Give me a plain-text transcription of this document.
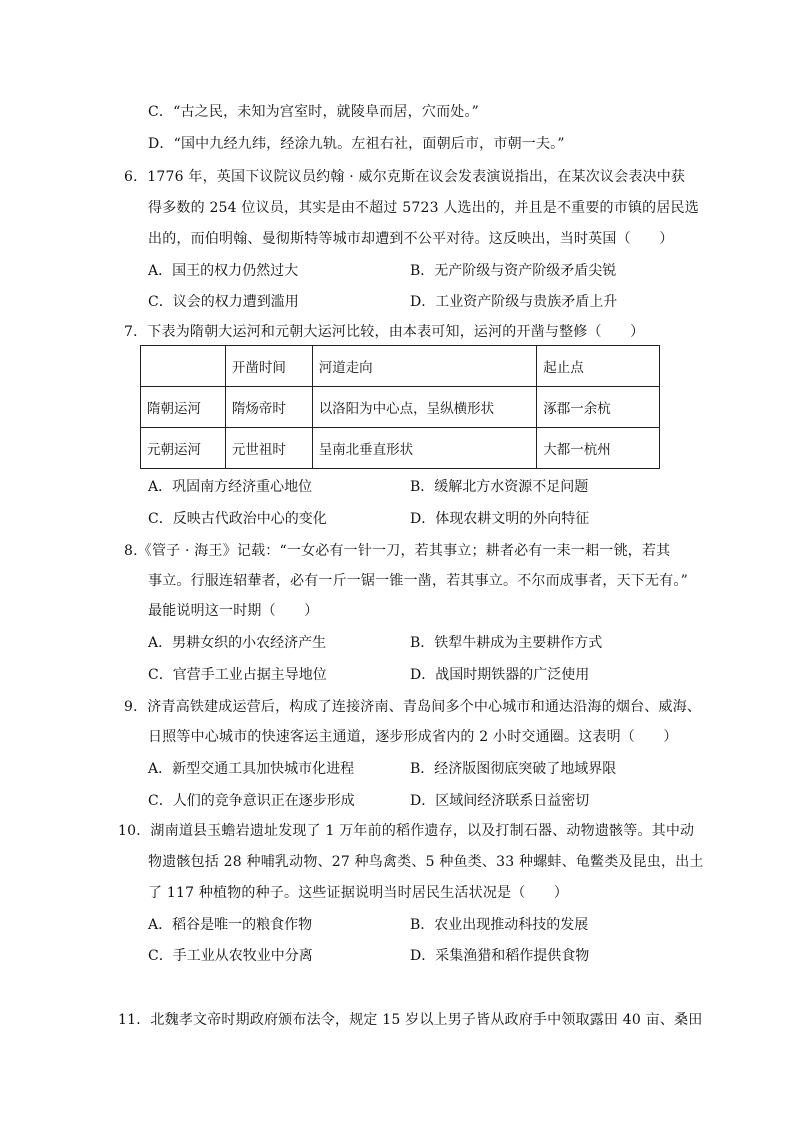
C．“古之民，未知为宫室时，就陵阜而居，穴而处。”
D．“国中九经九纬，经涂九轨。左祖右社，面朝后市，市朝一夫。”
6．1776 年，英国下议院议员约翰 · 威尔克斯在议会发表演说指出，在某次议会表决中获
得多数的 254 位议员，其实是由不超过 5723 人选出的，并且是不重要的市镇的居民选
出的，而伯明翰、曼彻斯特等城市却遭到不公平对待。这反映出，当时英国（　　）
A．国王的权力仍然过大	B．无产阶级与资产阶级矛盾尖锐
C．议会的权力遭到滥用	D．工业资产阶级与贵族矛盾上升
7．下表为隋朝大运河和元朝大运河比较，由本表可知，运河的开凿与整修（　　）
	开凿时间	河道走向	起止点
隋朝运河	隋炀帝时	以洛阳为中心点，呈纵横形状	涿郡一余杭
元朝运河	元世祖时	呈南北垂直形状	大都一杭州
A．巩固南方经济重心地位	B．缓解北方水资源不足问题
C．反映古代政治中心的变化	D．体现农耕文明的外向特征
8.《管子 · 海王》记载：“一女必有一针一刀，若其事立；耕者必有一耒一耜一铫，若其
事立。行服连轺輂者，必有一斤一锯一锥一凿，若其事立。不尔而成事者，天下无有。”
最能说明这一时期（　　）
A．男耕女织的小农经济产生	B．铁犁牛耕成为主要耕作方式
C．官营手工业占据主导地位	D．战国时期铁器的广泛使用
9．济青高铁建成运营后，构成了连接济南、青岛间多个中心城市和通达沿海的烟台、威海、
日照等中心城市的快速客运主通道，逐步形成省内的 2 小时交通圈。这表明（　　）
A．新型交通工具加快城市化进程	B．经济版图彻底突破了地域界限
C．人们的竞争意识正在逐步形成	D．区域间经济联系日益密切
10．湖南道县玉蟾岩遗址发现了 1 万年前的稻作遗存，以及打制石器、动物遗骸等。其中动
物遗骸包括 28 种哺乳动物、27 种鸟禽类、5 种鱼类、33 种螺蚌、龟鳖类及昆虫，出土
了 117 种植物的种子。这些证据说明当时居民生活状况是（　　）
A．稻谷是唯一的粮食作物	B．农业出现推动科技的发展
C．手工业从农牧业中分离	D．采集渔猎和稻作提供食物
11．北魏孝文帝时期政府颁布法令，规定 15 岁以上男子皆从政府手中领取露田 40 亩、桑田
